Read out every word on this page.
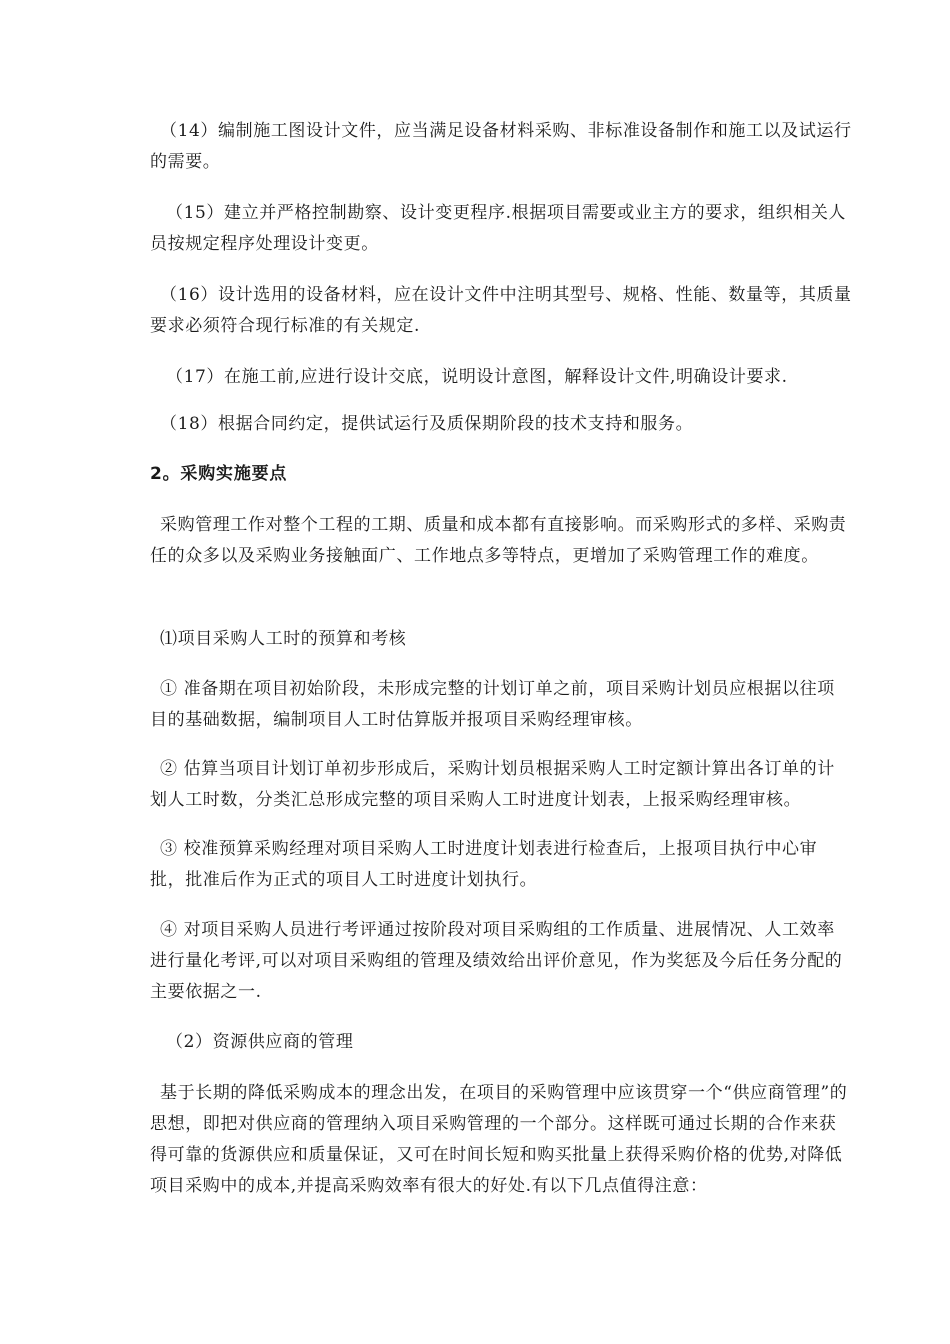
（14）编制施工图设计文件，应当满足设备材料采购、非标准设备制作和施工以及试运行的需要。

（15）建立并严格控制勘察、设计变更程序.根据项目需要或业主方的要求，组织相关人员按规定程序处理设计变更。

（16）设计选用的设备材料，应在设计文件中注明其型号、规格、性能、数量等，其质量要求必须符合现行标准的有关规定.

（17）在施工前,应进行设计交底，说明设计意图，解释设计文件,明确设计要求.

（18）根据合同约定，提供试运行及质保期阶段的技术支持和服务。

2。采购实施要点

采购管理工作对整个工程的工期、质量和成本都有直接影响。而采购形式的多样、采购责任的众多以及采购业务接触面广、工作地点多等特点，更增加了采购管理工作的难度。

⑴项目采购人工时的预算和考核

① 准备期在项目初始阶段，未形成完整的计划订单之前，项目采购计划员应根据以往项目的基础数据，编制项目人工时估算版并报项目采购经理审核。

② 估算当项目计划订单初步形成后，采购计划员根据采购人工时定额计算出各订单的计划人工时数，分类汇总形成完整的项目采购人工时进度计划表，上报采购经理审核。

③ 校准预算采购经理对项目采购人工时进度计划表进行检查后，上报项目执行中心审批，批准后作为正式的项目人工时进度计划执行。

④ 对项目采购人员进行考评通过按阶段对项目采购组的工作质量、进展情况、人工效率进行量化考评,可以对项目采购组的管理及绩效给出评价意见，作为奖惩及今后任务分配的主要依据之一.

（2）资源供应商的管理

基于长期的降低采购成本的理念出发，在项目的采购管理中应该贯穿一个“供应商管理”的思想，即把对供应商的管理纳入项目采购管理的一个部分。这样既可通过长期的合作来获得可靠的货源供应和质量保证，又可在时间长短和购买批量上获得采购价格的优势,对降低项目采购中的成本,并提高采购效率有很大的好处.有以下几点值得注意：
